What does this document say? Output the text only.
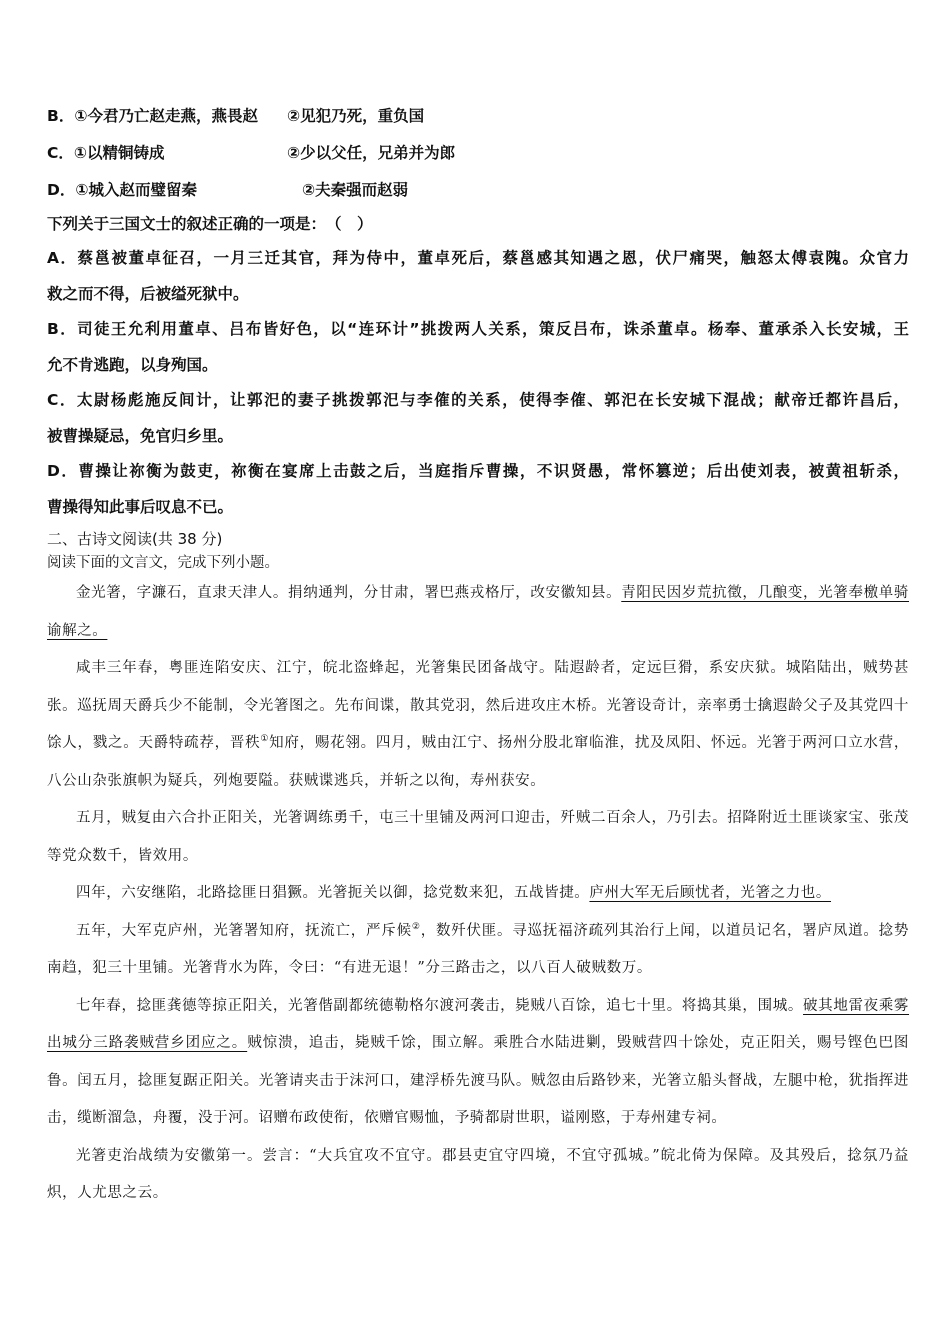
B．①今君乃亡赵走燕，燕畏赵	②见犯乃死，重负国
C．①以精铜铸成	②少以父任，兄弟并为郎
D．①城入赵而璧留秦	②夫秦强而赵弱
下列关于三国文士的叙述正确的一项是：　（　）
A．蔡邕被董卓征召，一月三迁其官，拜为侍中，董卓死后，蔡邕感其知遇之恩，伏尸痛哭，触怒太傅袁隗。众官力
救之而不得，后被缢死狱中。
B．司徒王允利用董卓、吕布皆好色，以“连环计”挑拨两人关系，策反吕布，诛杀董卓。杨奉、董承杀入长安城，王
允不肯逃跑，以身殉国。
C．太尉杨彪施反间计，让郭汜的妻子挑拨郭汜与李傕的关系，使得李傕、郭汜在长安城下混战；献帝迁都许昌后，
被曹操疑忌，免官归乡里。
D．曹操让祢衡为鼓吏，祢衡在宴席上击鼓之后，当庭指斥曹操，不识贤愚，常怀篡逆；后出使刘表，被黄祖斩杀，
曹操得知此事后叹息不已。
二、古诗文阅读(共 38 分)
阅读下面的文言文，完成下列小题。
金光箸，字濂石，直隶天津人。捐纳通判，分甘肃，署巴燕戎格厅，改安徽知县。青阳民因岁荒抗徵，几酿变，光箸奉檄单骑谕解之。
咸丰三年春，粤匪连陷安庆、江宁，皖北盗蜂起，光箸集民团备战守。陆遐龄者，定远巨猾，系安庆狱。城陷陆出，贼势甚张。巡抚周天爵兵少不能制，令光箸图之。先布间谍，散其党羽，然后进攻庄木桥。光箸设奇计，亲率勇士擒遐龄父子及其党四十馀人，戮之。天爵特疏荐，晋秩①知府，赐花翎。四月，贼由江宁、扬州分股北窜临淮，扰及凤阳、怀远。光箸于两河口立水营，八公山杂张旗帜为疑兵，列炮要隘。获贼谍逃兵，并斩之以徇，寿州获安。
五月，贼复由六合扑正阳关，光箸调练勇千，屯三十里铺及两河口迎击，歼贼二百余人，乃引去。招降附近土匪谈家宝、张茂等党众数千，皆效用。
四年，六安继陷，北路捻匪日猖獗。光箸扼关以御，捻党数来犯，五战皆捷。庐州大军无后顾忧者，光箸之力也。
五年，大军克庐州，光箸署知府，抚流亡，严斥候②，数歼伏匪。寻巡抚福济疏列其治行上闻，以道员记名，署庐凤道。捻势南趋，犯三十里铺。光箸背水为阵，令曰：“有进无退！”分三路击之，以八百人破贼数万。
七年春，捻匪龚德等掠正阳关，光箸偕副都统德勒格尔渡河袭击，毙贼八百馀，追七十里。将捣其巢，围城。破其地雷夜乘雾出城分三路袭贼营乡团应之。贼惊溃，追击，毙贼千馀，围立解。乘胜合水陆进剿，毁贼营四十馀处，克正阳关，赐号铿色巴图鲁。闰五月，捻匪复踞正阳关。光箸请夹击于沫河口，建浮桥先渡马队。贼忽由后路钞来，光箸立船头督战，左腿中枪，犹指挥进击，缆断溜急，舟覆，没于河。诏赠布政使衔，依赠官赐恤，予骑都尉世职，谥刚愍，于寿州建专祠。
光箸吏治战绩为安徽第一。尝言：“大兵宜攻不宜守。郡县吏宜守四境，不宜守孤城。”皖北倚为保障。及其殁后，捻氛乃益炽，人尤思之云。
